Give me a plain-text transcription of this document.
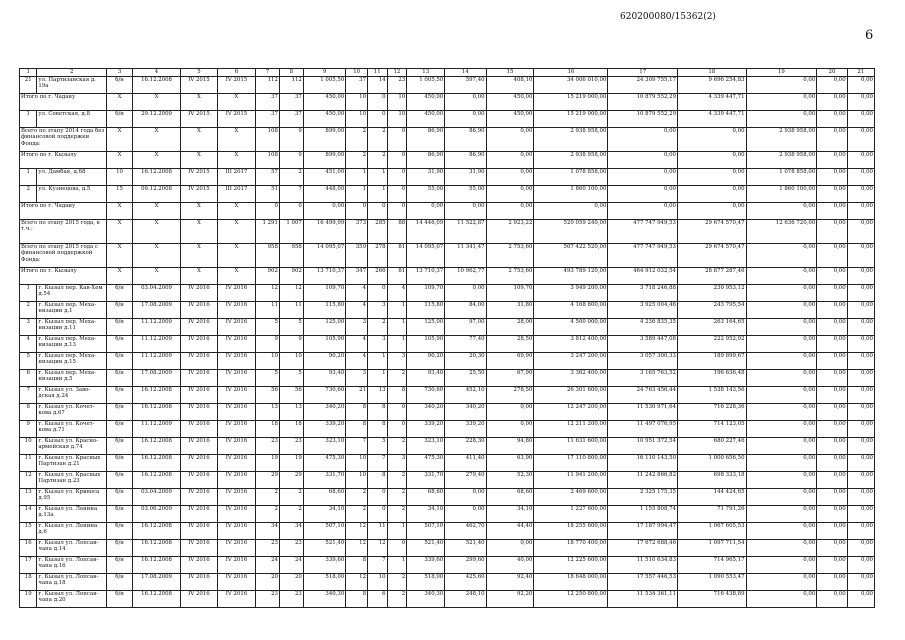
620200080/15362(2)
6
1	2	3	4	5	6	7	8	9	10	11	12	13	14	15	16	17	18	19	20	21
21	ул. Партизанская д. 19а	б/н	16.12.2008	IV 2015	IV 2015	112	112	1 005,50	37	14	23	1 005,50	597,40	408,10	34 006 010,00	24 309 755,17	9 696 254,83	0,00	0,00	0,00
Итого по г. Чадану		X	X	X	X	37	37	450,00	10	0	10	450,00	0,00	450,00	15 219 000,00	10 879 552,29	4 339 447,71	0,00	0,00	0,00
1	ул. Советская, д.8	б/н	29.12.2009	IV 2015	IV 2015	37	37	450,00	10	0	10	450,00	0,00	450,00	15 219 000,00	10 879 552,29	4 339 447,71	0,00	0,00	0,00
Всего по этапу 2014 года без финансовой поддержки Фонда:		X	X	X	X	108	9	899,00	2	2	0	86,90	86,90	0,00	2 938 958,00	0,00	0,00	2 938 958,00	0,00	0,00
Итого по г. Кызылу		X	X	X	X	108	9	899,00	2	2	0	86,90	86,90	0,00	2 938 958,00	0,00	0,00	2 938 958,00	0,00	0,00
1	ул. Дамбая, д.68	10	16.12.2008	IV 2015	III 2017	57	2	451,00	1	1	0	31,90	31,90	0,00	1 078 858,00	0,00	0,00	1 078 858,00	0,00	0,00
2	ул. Кузнецова, д.5	15	09.12.2008	IV 2015	III 2017	51	7	448,00	1	1	0	55,00	55,00	0,00	1 860 100,00	0,00	0,00	1 860 100,00	0,00	0,00
Итого по г. Чадану		X	X	X	X	0	0	0,00	0	0	0	0,00	0,00	0,00	0,00	0,00	0,00	0,00	0,00	0,00
Всего по этапу 2015 года, в т.ч.:		X	X	X	X	1 291	1 007	16 499,99	373	285	88	14 446,09	11 522,87	2 923,22	520 059 240,00	477 747 949,53	29 674 570,47	12 636 720,00	0,00	0,00
Всего по этапу 2015 года с финансовой поддержкой Фонда:		X	X	X	X	958	958	14 095,07	359	278	81	14 095,07	11 341,47	2 753,60	507 422 520,00	477 747 949,53	29 674 570,47	0,00	0,00	0,00
Итого по г. Кызылу		X	X	X	X	902	902	13 710,37	347	266	81	13 710,37	10 962,77	2 753,60	493 789 120,00	464 912 032,54	28 877 287,46	0,00	0,00	0,00
1	г. Кызыл пер. Кав-Хем д.54	б/н	03.04.2009	IV 2016	IV 2016	12	12	109,70	4	0	4	109,70	0,00	109,70	3 949 200,00	3 718 246,88	230 953,12	0,00	0,00	0,00
2	г. Кызыл пер. Меха-низации д.1	б/н	17.08.2009	IV 2016	IV 2016	11	11	115,80	4	3	1	115,80	84,00	31,80	4 168 800,00	3 925 004,46	243 795,54	0,00	0,00	0,00
3	г. Кызыл пер. Меха-низации д.11	б/н	11.12.2009	IV 2016	IV 2016	5	5	125,00	3	2	1	125,00	97,00	28,00	4 500 000,00	4 236 835,35	263 164,65	0,00	0,00	0,00
4	г. Кызыл пер. Меха-низации д.13	б/н	11.12.2009	IV 2016	IV 2016	9	9	105,90	4	3	1	105,90	77,40	28,50	3 812 400,00	3 589 447,08	222 952,92	0,00	0,00	0,00
5	г. Кызыл пер. Меха-низации д.15	б/н	11.12.2009	IV 2016	IV 2016	10	10	90,20	4	1	3	90,20	20,30	69,90	3 247 200,00	3 057 300,33	189 899,67	0,00	0,00	0,00
6	г. Кызыл пер. Меха-низации д.5	б/н	17.08.2009	IV 2016	IV 2016	5	5	93,40	3	1	2	93,40	25,50	67,90	3 362 400,00	3 165 763,52	196 636,48	0,00	0,00	0,00
7	г. Кызыл ул. Заво-дская д.24	б/н	16.12.2008	IV 2016	IV 2016	56	56	730,60	21	13	8	730,60	452,10	278,50	26 301 600,00	24 763 456,44	1 538 143,56	0,00	0,00	0,00
8	г. Кызыл ул. Кочет-кова д.67	б/н	16.12.2008	IV 2016	IV 2016	13	13	340,20	8	8	0	340,20	340,20	0,00	12 247 200,00	11 530 971,64	716 228,36	0,00	0,00	0,00
9	г. Кызыл ул. Кочет-кова д.71	б/н	11.12.2009	IV 2016	IV 2016	18	18	339,20	8	8	0	339,20	339,20	0,00	12 211 200,00	11 497 076,95	714 123,05	0,00	0,00	0,00
10	г. Кызыл ул. Красно-армейская д.74	б/н	16.12.2008	IV 2016	IV 2016	23	23	323,10	7	5	2	323,10	228,30	94,80	11 631 600,00	10 951 372,54	680 227,46	0,00	0,00	0,00
11	г. Кызыл ул. Красных Партизан д.21	б/н	16.12.2008	IV 2016	IV 2016	19	19	475,30	10	7	3	475,30	411,40	63,90	17 110 800,00	16 110 143,50	1 000 656,50	0,00	0,00	0,00
12	г. Кызыл ул. Красных Партизан д.23	б/н	16.12.2008	IV 2016	IV 2016	29	29	331,70	10	8	2	331,70	279,40	52,30	11 941 200,00	11 242 866,82	698 333,18	0,00	0,00	0,00
13	г. Кызыл ул. Кривоса д.95	б/н	03.04.2009	IV 2016	IV 2016	2	2	68,60	2	0	2	68,60	0,00	68,60	2 469 600,00	2 325 175,35	144 424,65	0,00	0,00	0,00
14	г. Кызыл ул. Ленина д.13а	б/н	03.06.2009	IV 2016	IV 2016	2	2	34,10	2	0	2	34,10	0,00	34,10	1 227 600,00	1 155 808,74	71 791,26	0,00	0,00	0,00
15	г. Кызыл ул. Ленина д.6	б/н	16.12.2008	IV 2016	IV 2016	34	34	507,10	12	11	1	507,10	462,70	44,40	18 255 600,00	17 187 994,47	1 067 605,53	0,00	0,00	0,00
16	г. Кызыл ул. Лопсан-чапа д.14	б/н	16.12.2008	IV 2016	IV 2016	23	23	521,40	12	12	0	521,40	521,40	0,00	18 770 400,00	17 672 688,46	1 097 711,54	0,00	0,00	0,00
17	г. Кызыл ул. Лопсан-чапа д.16	б/н	16.12.2008	IV 2016	IV 2016	24	24	339,60	8	7	1	339,60	299,60	40,00	12 225 600,00	11 510 634,83	714 965,17	0,00	0,00	0,00
18	г. Кызыл ул. Лопсан-чапа д.18	б/н	17.08.2009	IV 2016	IV 2016	20	20	518,00	12	10	2	518,00	425,60	92,40	18 648 000,00	17 557 446,53	1 090 553,47	0,00	0,00	0,00
19	г. Кызыл ул. Лопсан-чапа д.20	б/н	16.12.2008	IV 2016	IV 2016	23	23	340,30	8	6	2	340,30	248,10	92,20	12 250 800,00	11 534 361,11	716 438,89	0,00	0,00	0,00
